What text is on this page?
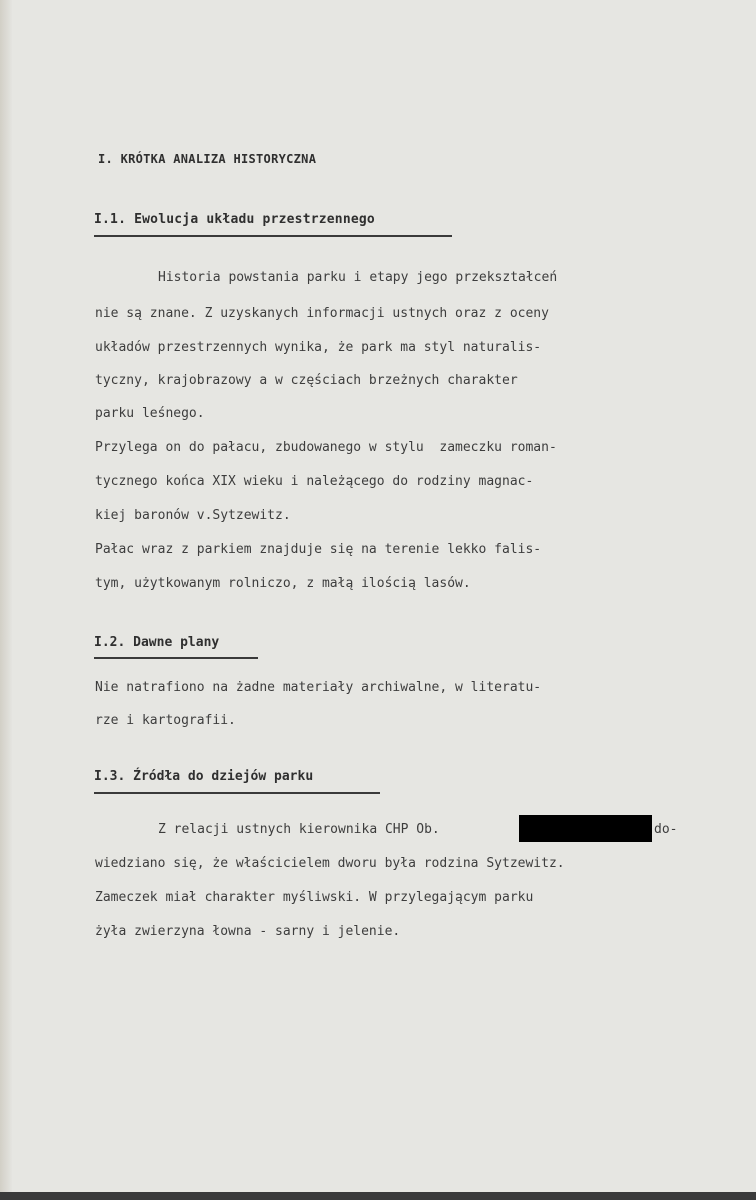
I. KRÓTKA ANALIZA HISTORYCZNA
I.1. Ewolucja układu przestrzennego
Historia powstania parku i etapy jego przekształceń
nie są znane. Z uzyskanych informacji ustnych oraz z oceny
układów przestrzennych wynika, że park ma styl naturalis-
tyczny, krajobrazowy a w częściach brzeżnych charakter
parku leśnego.
Przylega on do pałacu, zbudowanego w stylu  zameczku roman-
tycznego końca XIX wieku i należącego do rodziny magnac-
kiej baronów v.Sytzewitz.
Pałac wraz z parkiem znajduje się na terenie lekko falis-
tym, użytkowanym rolniczo, z małą ilością lasów.
I.2. Dawne plany
Nie natrafiono na żadne materiały archiwalne, w literatu-
rze i kartografii.
I.3. Źródła do dziejów parku
Z relacji ustnych kierownika CHP Ob.	do-
wiedziano się, że właścicielem dworu była rodzina Sytzewitz.
Zameczek miał charakter myśliwski. W przylegającym parku
żyła zwierzyna łowna - sarny i jelenie.
